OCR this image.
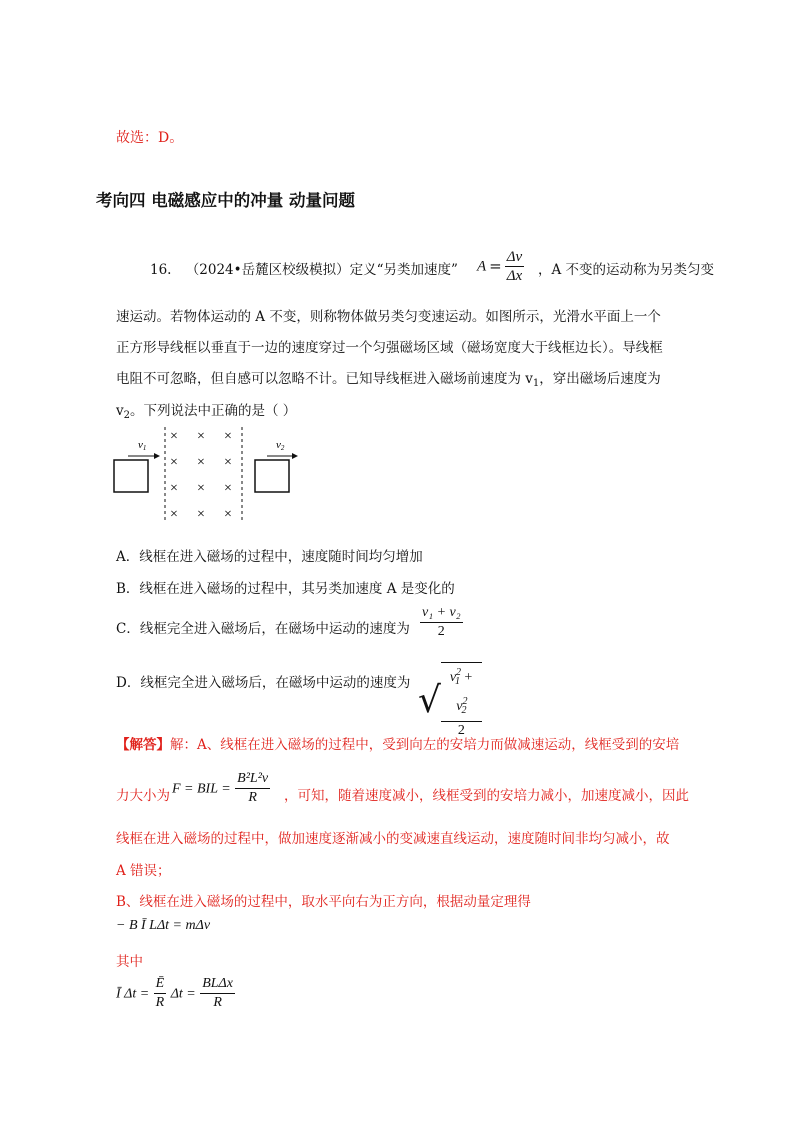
故选：D。
考向四 电磁感应中的冲量 动量问题
16. （2024•岳麓区校级模拟）定义“另类加速度” $A = \frac{\Delta v}{\Delta x}$ ，A 不变的运动称为另类匀变
速运动。若物体运动的 A 不变，则称物体做另类匀变速运动。如图所示，光滑水平面上一个
正方形导线框以垂直于一边的速度穿过一个匀强磁场区域（磁场宽度大于线框边长）。导线框
电阻不可忽略，但自感可以忽略不计。已知导线框进入磁场前速度为 $v_1$，穿出磁场后速度为
$v_2$。下列说法中正确的是（ ）
v1
× × ×
× × ×
× × ×
× × ×
v2
A．线框在进入磁场的过程中，速度随时间均匀增加
B．线框在进入磁场的过程中，其另类加速度 A 是变化的
C．线框完全进入磁场后，在磁场中运动的速度为 $\frac{\text{v₁ + v₂}}{2}$
D．线框完全进入磁场后，在磁场中运动的速度为 √ $\frac{v^2_1 + v^2_2}{2}$
【解答】解：A、线框在进入磁场的过程中，受到向左的安培力而做减速运动，线框受到的安培
力大小为 F = BIL = $\frac{\text{B²L²v}}{R}$ ，可知，随着速度减小，线框受到的安培力减小，加速度减小，因此
线框在进入磁场的过程中，做加速度逐渐减小的变减速直线运动，速度随时间非均匀减小，故
A 错误；
B、线框在进入磁场的过程中，取水平向右为正方向，根据动量定理得
− B Ī LΔt = mΔv
其中
Ī $\Delta t = \frac{Ē}{R}$ $\Delta t = \frac{\text{BLΔx}}{R}$
